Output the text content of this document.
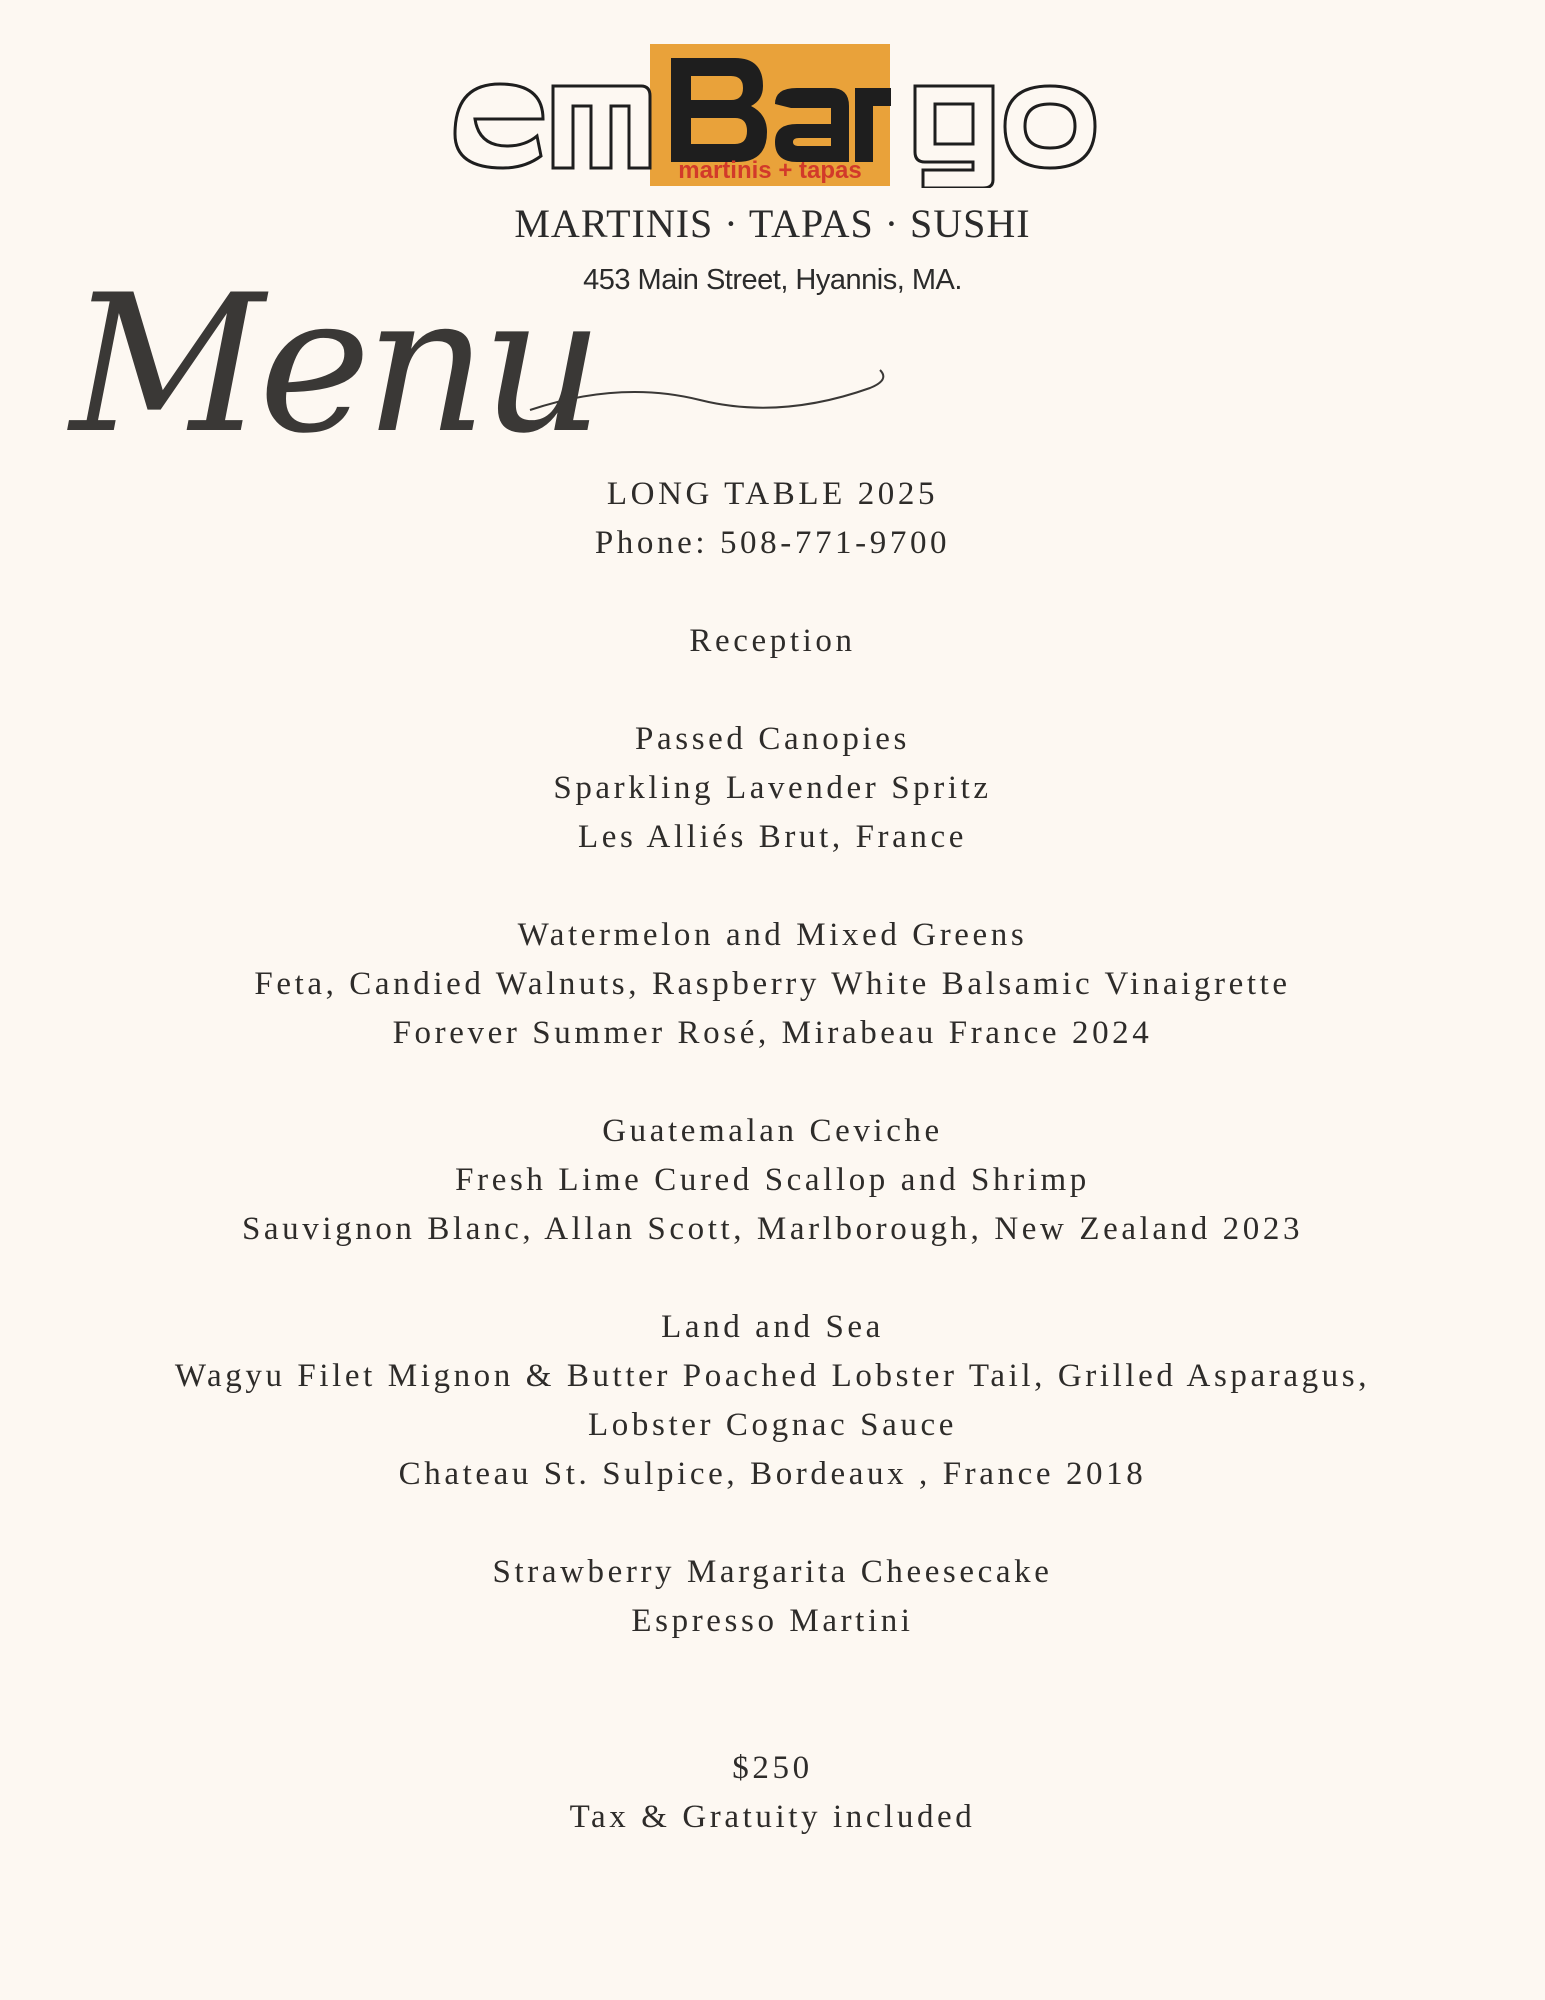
martinis + tapas
MARTINIS · TAPAS · SUSHI
453 Main Street, Hyannis, MA.
Menu
LONG TABLE 2025
Phone: 508-771-9700
Reception
Passed Canopies
Sparkling Lavender Spritz
Les Alliés Brut, France
Watermelon and Mixed Greens
Feta, Candied Walnuts, Raspberry White Balsamic Vinaigrette
Forever Summer Rosé, Mirabeau France 2024
Guatemalan Ceviche
Fresh Lime Cured Scallop and Shrimp
Sauvignon Blanc, Allan Scott, Marlborough, New Zealand 2023
Land and Sea
Wagyu Filet Mignon & Butter Poached Lobster Tail, Grilled Asparagus,
Lobster Cognac Sauce
Chateau St. Sulpice, Bordeaux , France 2018
Strawberry Margarita Cheesecake
Espresso Martini
$250
Tax & Gratuity included
